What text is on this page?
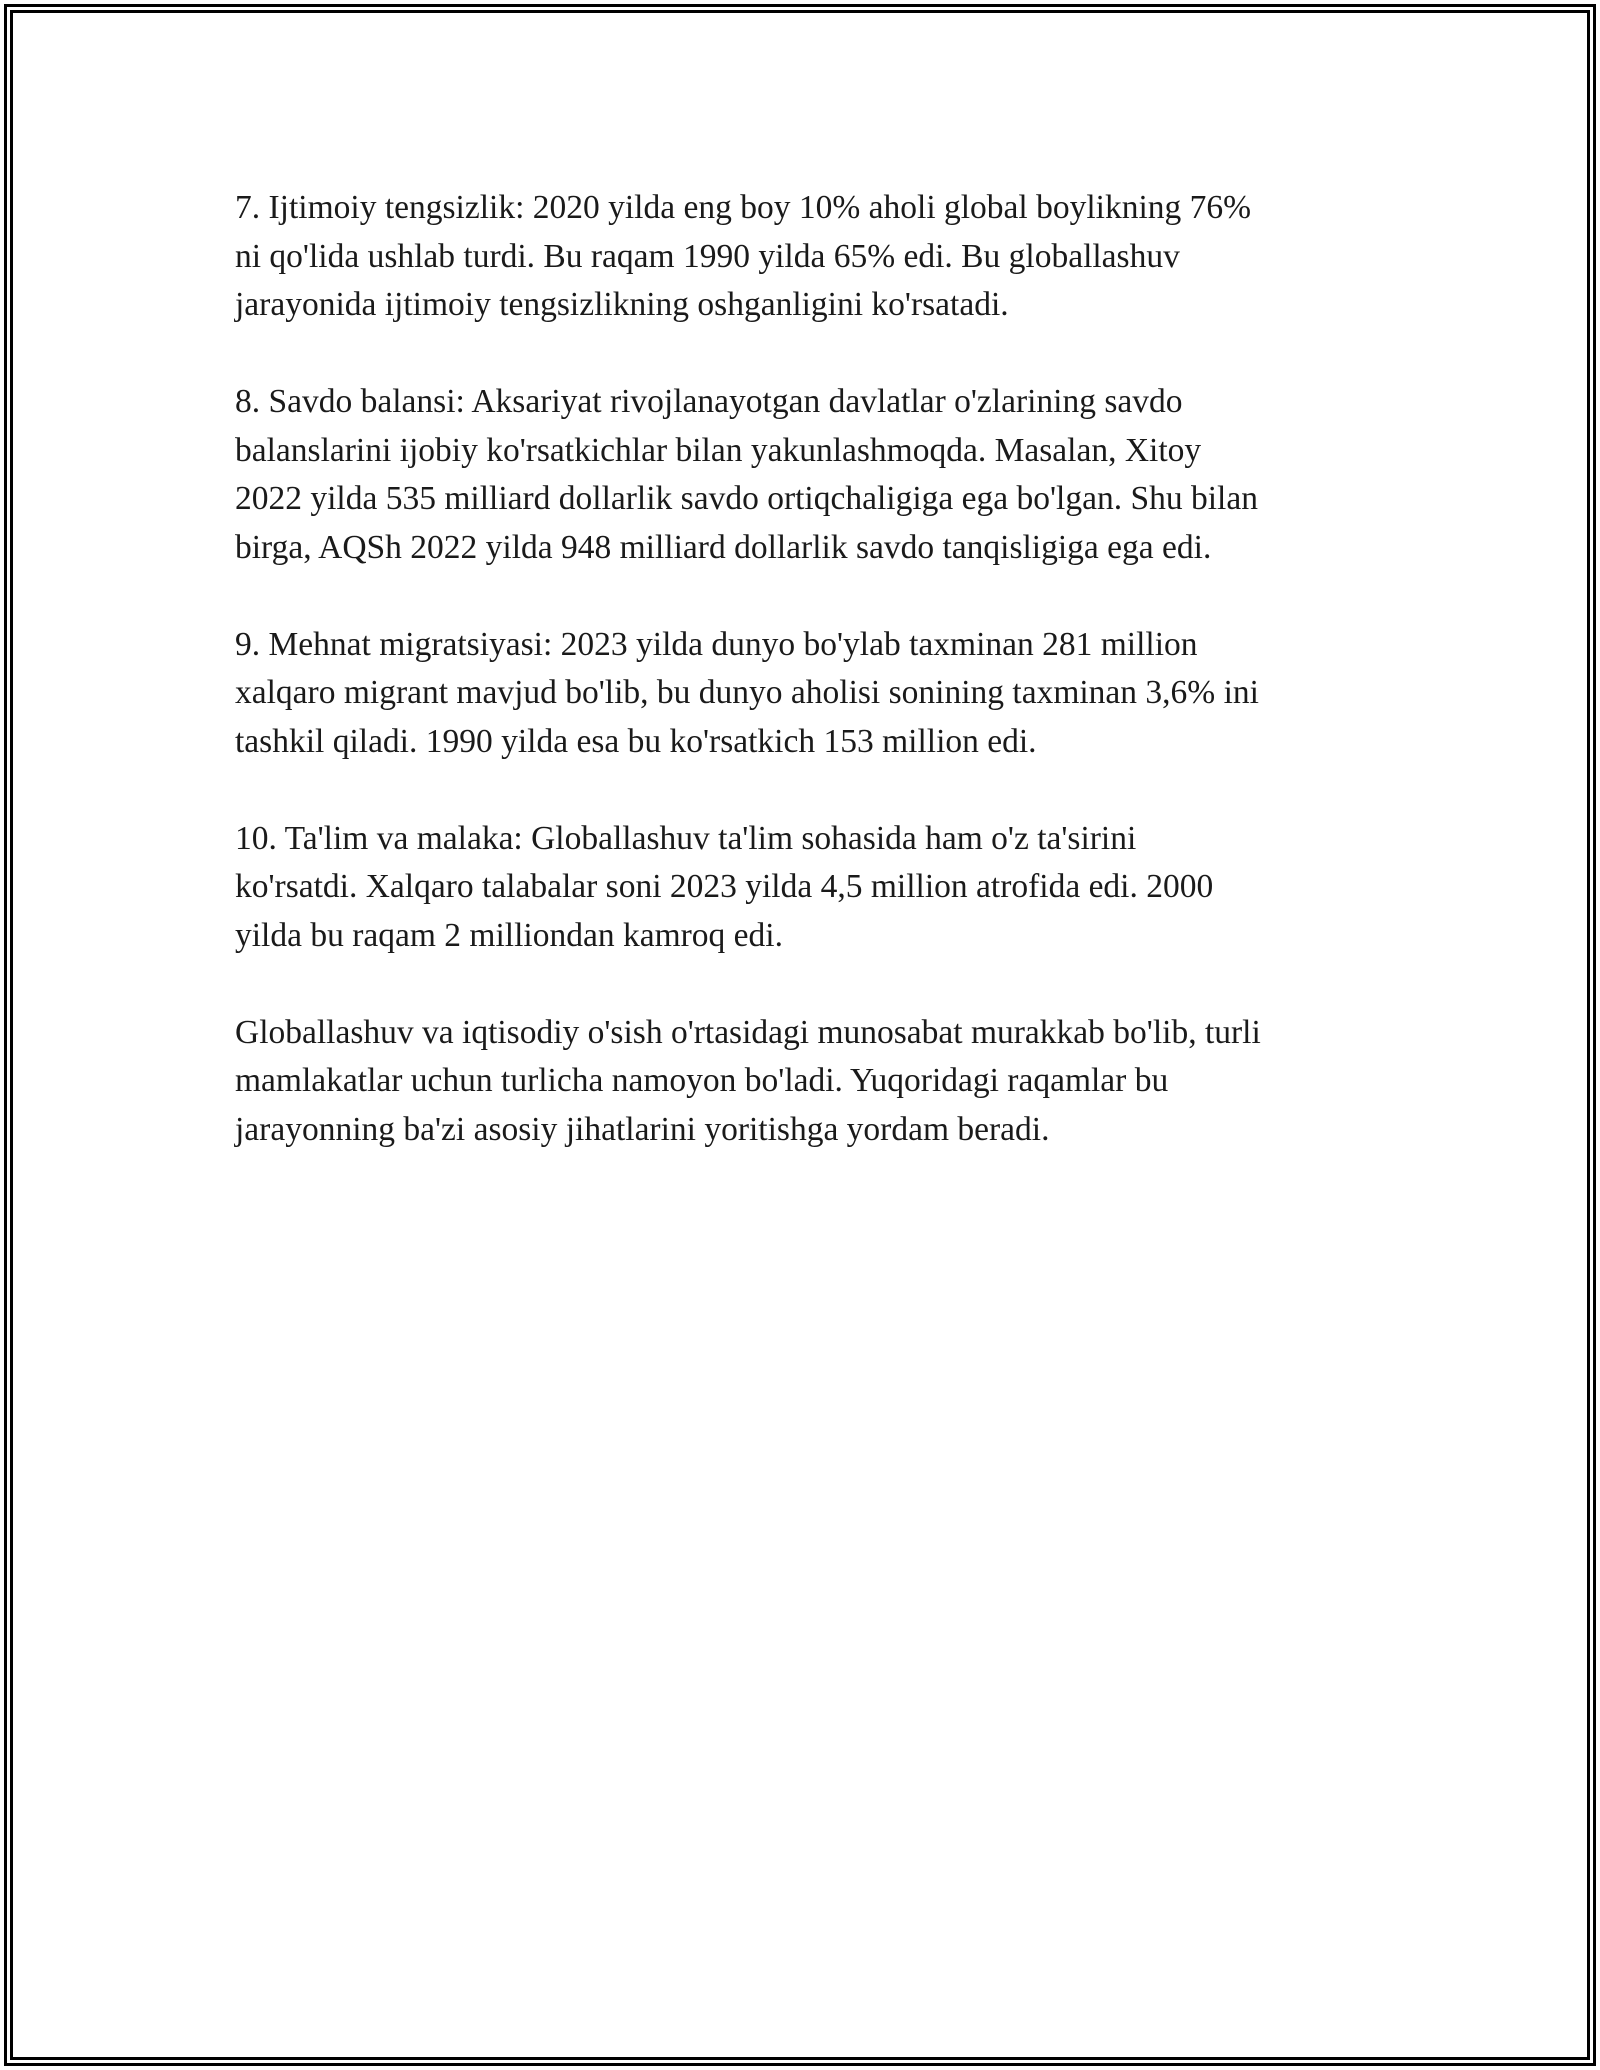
7. Ijtimoiy tengsizlik: 2020 yilda eng boy 10% aholi global boylikning 76%
ni qo'lida ushlab turdi. Bu raqam 1990 yilda 65% edi. Bu globallashuv
jarayonida ijtimoiy tengsizlikning oshganligini ko'rsatadi.

8. Savdo balansi: Aksariyat rivojlanayotgan davlatlar o'zlarining savdo
balanslarini ijobiy ko'rsatkichlar bilan yakunlashmoqda. Masalan, Xitoy
2022 yilda 535 milliard dollarlik savdo ortiqchaligiga ega bo'lgan. Shu bilan
birga, AQSh 2022 yilda 948 milliard dollarlik savdo tanqisligiga ega edi.

9. Mehnat migratsiyasi: 2023 yilda dunyo bo'ylab taxminan 281 million
xalqaro migrant mavjud bo'lib, bu dunyo aholisi sonining taxminan 3,6% ini
tashkil qiladi. 1990 yilda esa bu ko'rsatkich 153 million edi.

10. Ta'lim va malaka: Globallashuv ta'lim sohasida ham o'z ta'sirini
ko'rsatdi. Xalqaro talabalar soni 2023 yilda 4,5 million atrofida edi. 2000
yilda bu raqam 2 milliondan kamroq edi.

Globallashuv va iqtisodiy o'sish o'rtasidagi munosabat murakkab bo'lib, turli
mamlakatlar uchun turlicha namoyon bo'ladi. Yuqoridagi raqamlar bu
jarayonning ba'zi asosiy jihatlarini yoritishga yordam beradi.
